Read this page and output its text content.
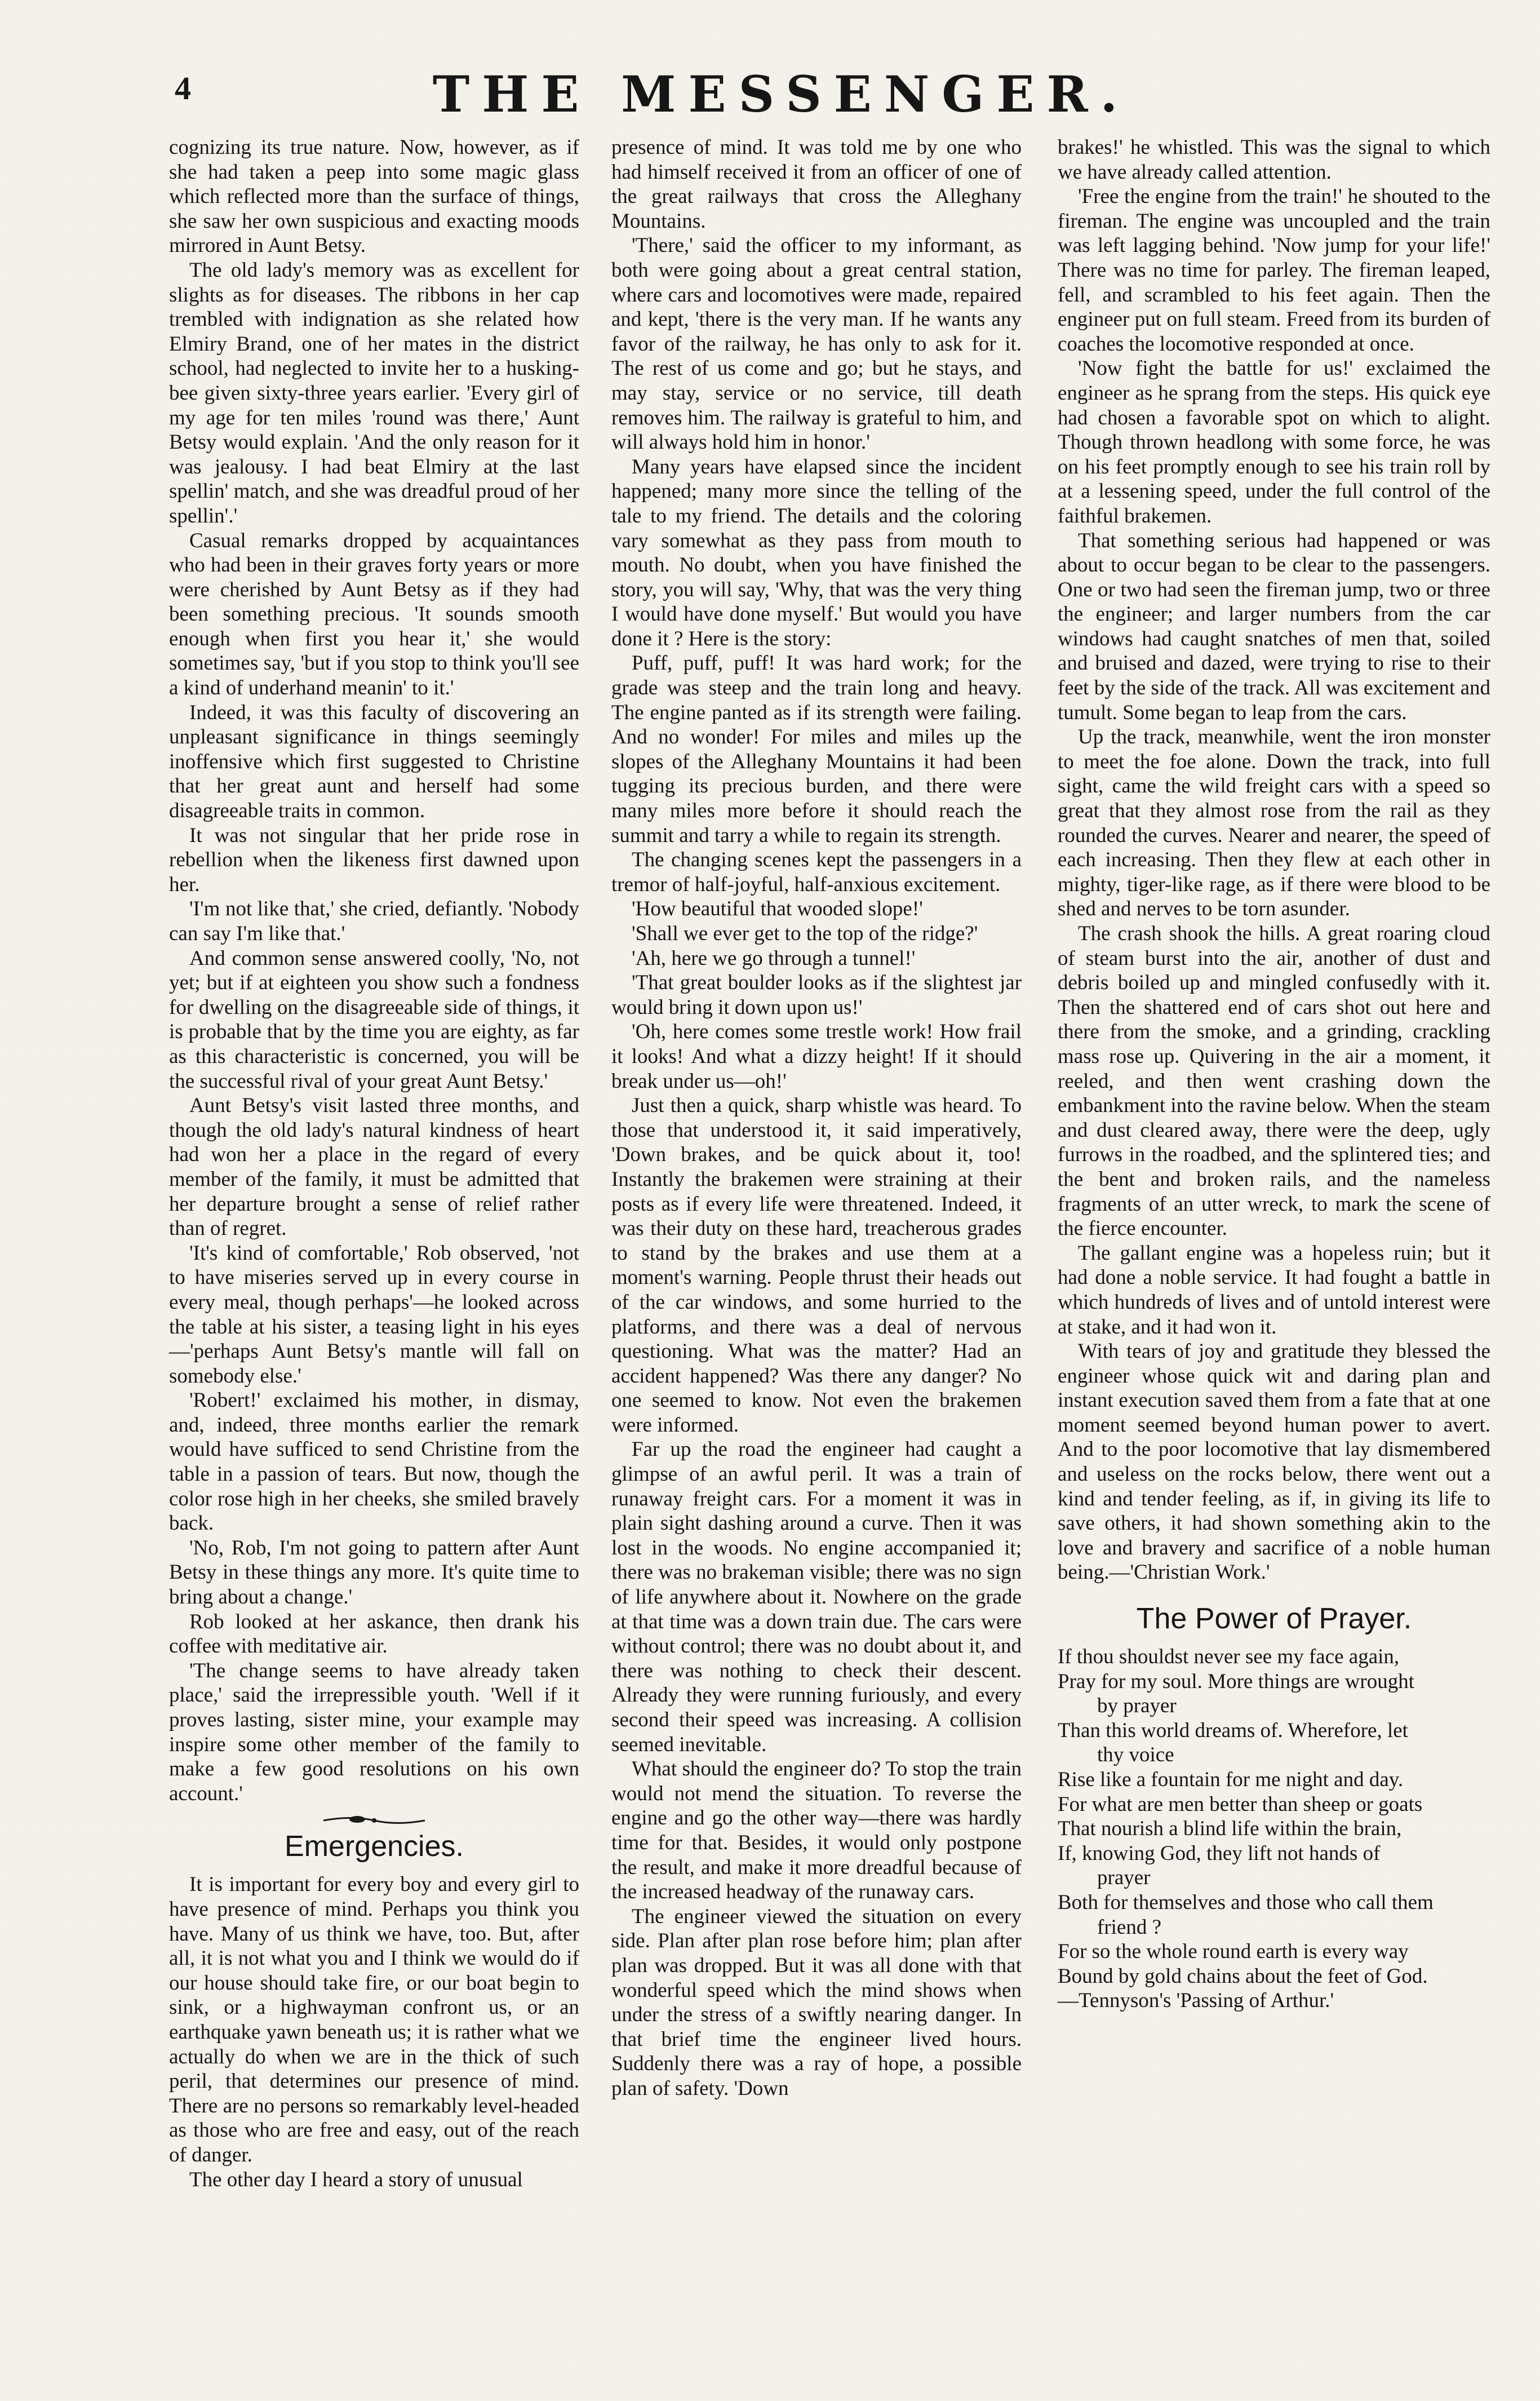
4	THE MESSENGER.

cognizing its true nature. Now, however, as if she had taken a peep into some magic glass which reflected more than the surface of things, she saw her own suspicious and exacting moods mirrored in Aunt Betsy.

The old lady's memory was as excellent for slights as for diseases. The ribbons in her cap trembled with indignation as she related how Elmiry Brand, one of her mates in the district school, had neglected to invite her to a husking-bee given sixty-three years earlier. 'Every girl of my age for ten miles 'round was there,' Aunt Betsy would explain. 'And the only reason for it was jealousy. I had beat Elmiry at the last spellin' match, and she was dreadful proud of her spellin'.'

Casual remarks dropped by acquaintances who had been in their graves forty years or more were cherished by Aunt Betsy as if they had been something precious. 'It sounds smooth enough when first you hear it,' she would sometimes say, 'but if you stop to think you'll see a kind of underhand meanin' to it.'

Indeed, it was this faculty of discovering an unpleasant significance in things seemingly inoffensive which first suggested to Christine that her great aunt and herself had some disagreeable traits in common.

It was not singular that her pride rose in rebellion when the likeness first dawned upon her.

'I'm not like that,' she cried, defiantly. 'Nobody can say I'm like that.'

And common sense answered coolly, 'No, not yet; but if at eighteen you show such a fondness for dwelling on the disagreeable side of things, it is probable that by the time you are eighty, as far as this characteristic is concerned, you will be the successful rival of your great Aunt Betsy.'

Aunt Betsy's visit lasted three months, and though the old lady's natural kindness of heart had won her a place in the regard of every member of the family, it must be admitted that her departure brought a sense of relief rather than of regret.

'It's kind of comfortable,' Rob observed, 'not to have miseries served up in every course in every meal, though perhaps'—he looked across the table at his sister, a teasing light in his eyes—'perhaps Aunt Betsy's mantle will fall on somebody else.'

'Robert!' exclaimed his mother, in dismay, and, indeed, three months earlier the remark would have sufficed to send Christine from the table in a passion of tears. But now, though the color rose high in her cheeks, she smiled bravely back.

'No, Rob, I'm not going to pattern after Aunt Betsy in these things any more. It's quite time to bring about a change.'

Rob looked at her askance, then drank his coffee with meditative air.

'The change seems to have already taken place,' said the irrepressible youth. 'Well if it proves lasting, sister mine, your example may inspire some other member of the family to make a few good resolutions on his own account.'

Emergencies.

It is important for every boy and every girl to have presence of mind. Perhaps you think you have. Many of us think we have, too. But, after all, it is not what you and I think we would do if our house should take fire, or our boat begin to sink, or a highwayman confront us, or an earthquake yawn beneath us; it is rather what we actually do when we are in the thick of such peril, that determines our presence of mind. There are no persons so remarkably level-headed as those who are free and easy, out of the reach of danger.

The other day I heard a story of unusual

presence of mind. It was told me by one who had himself received it from an officer of one of the great railways that cross the Alleghany Mountains.

'There,' said the officer to my informant, as both were going about a great central station, where cars and locomotives were made, repaired and kept, 'there is the very man. If he wants any favor of the railway, he has only to ask for it. The rest of us come and go; but he stays, and may stay, service or no service, till death removes him. The railway is grateful to him, and will always hold him in honor.'

Many years have elapsed since the incident happened; many more since the telling of the tale to my friend. The details and the coloring vary somewhat as they pass from mouth to mouth. No doubt, when you have finished the story, you will say, 'Why, that was the very thing I would have done myself.' But would you have done it ? Here is the story:

Puff, puff, puff! It was hard work; for the grade was steep and the train long and heavy. The engine panted as if its strength were failing. And no wonder! For miles and miles up the slopes of the Alleghany Mountains it had been tugging its precious burden, and there were many miles more before it should reach the summit and tarry a while to regain its strength.

The changing scenes kept the passengers in a tremor of half-joyful, half-anxious excitement.

'How beautiful that wooded slope!'

'Shall we ever get to the top of the ridge?'

'Ah, here we go through a tunnel!'

'That great boulder looks as if the slightest jar would bring it down upon us!'

'Oh, here comes some trestle work! How frail it looks! And what a dizzy height! If it should break under us—oh!'

Just then a quick, sharp whistle was heard. To those that understood it, it said imperatively, 'Down brakes, and be quick about it, too! Instantly the brakemen were straining at their posts as if every life were threatened. Indeed, it was their duty on these hard, treacherous grades to stand by the brakes and use them at a moment's warning. People thrust their heads out of the car windows, and some hurried to the platforms, and there was a deal of nervous questioning. What was the matter? Had an accident happened? Was there any danger? No one seemed to know. Not even the brakemen were informed.

Far up the road the engineer had caught a glimpse of an awful peril. It was a train of runaway freight cars. For a moment it was in plain sight dashing around a curve. Then it was lost in the woods. No engine accompanied it; there was no brakeman visible; there was no sign of life anywhere about it. Nowhere on the grade at that time was a down train due. The cars were without control; there was no doubt about it, and there was nothing to check their descent. Already they were running furiously, and every second their speed was increasing. A collision seemed inevitable.

What should the engineer do? To stop the train would not mend the situation. To reverse the engine and go the other way—there was hardly time for that. Besides, it would only postpone the result, and make it more dreadful because of the increased headway of the runaway cars.

The engineer viewed the situation on every side. Plan after plan rose before him; plan after plan was dropped. But it was all done with that wonderful speed which the mind shows when under the stress of a swiftly nearing danger. In that brief time the engineer lived hours. Suddenly there was a ray of hope, a possible plan of safety. 'Down

brakes!' he whistled. This was the signal to which we have already called attention.

'Free the engine from the train!' he shouted to the fireman. The engine was uncoupled and the train was left lagging behind. 'Now jump for your life!' There was no time for parley. The fireman leaped, fell, and scrambled to his feet again. Then the engineer put on full steam. Freed from its burden of coaches the locomotive responded at once.

'Now fight the battle for us!' exclaimed the engineer as he sprang from the steps. His quick eye had chosen a favorable spot on which to alight. Though thrown headlong with some force, he was on his feet promptly enough to see his train roll by at a lessening speed, under the full control of the faithful brakemen.

That something serious had happened or was about to occur began to be clear to the passengers. One or two had seen the fireman jump, two or three the engineer; and larger numbers from the car windows had caught snatches of men that, soiled and bruised and dazed, were trying to rise to their feet by the side of the track. All was excitement and tumult. Some began to leap from the cars.

Up the track, meanwhile, went the iron monster to meet the foe alone. Down the track, into full sight, came the wild freight cars with a speed so great that they almost rose from the rail as they rounded the curves. Nearer and nearer, the speed of each increasing. Then they flew at each other in mighty, tiger-like rage, as if there were blood to be shed and nerves to be torn asunder.

The crash shook the hills. A great roaring cloud of steam burst into the air, another of dust and debris boiled up and mingled confusedly with it. Then the shattered end of cars shot out here and there from the smoke, and a grinding, crackling mass rose up. Quivering in the air a moment, it reeled, and then went crashing down the embankment into the ravine below. When the steam and dust cleared away, there were the deep, ugly furrows in the roadbed, and the splintered ties; and the bent and broken rails, and the nameless fragments of an utter wreck, to mark the scene of the fierce encounter.

The gallant engine was a hopeless ruin; but it had done a noble service. It had fought a battle in which hundreds of lives and of untold interest were at stake, and it had won it.

With tears of joy and gratitude they blessed the engineer whose quick wit and daring plan and instant execution saved them from a fate that at one moment seemed beyond human power to avert. And to the poor locomotive that lay dismembered and useless on the rocks below, there went out a kind and tender feeling, as if, in giving its life to save others, it had shown something akin to the love and bravery and sacrifice of a noble human being.—'Christian Work.'

The Power of Prayer.

If thou shouldst never see my face again,

Pray for my soul. More things are wrought

by prayer

Than this world dreams of. Wherefore, let

thy voice

Rise like a fountain for me night and day.

For what are men better than sheep or goats

That nourish a blind life within the brain,

If, knowing God, they lift not hands of

prayer

Both for themselves and those who call them

friend ?

For so the whole round earth is every way

Bound by gold chains about the feet of God.

—Tennyson's 'Passing of Arthur.'
